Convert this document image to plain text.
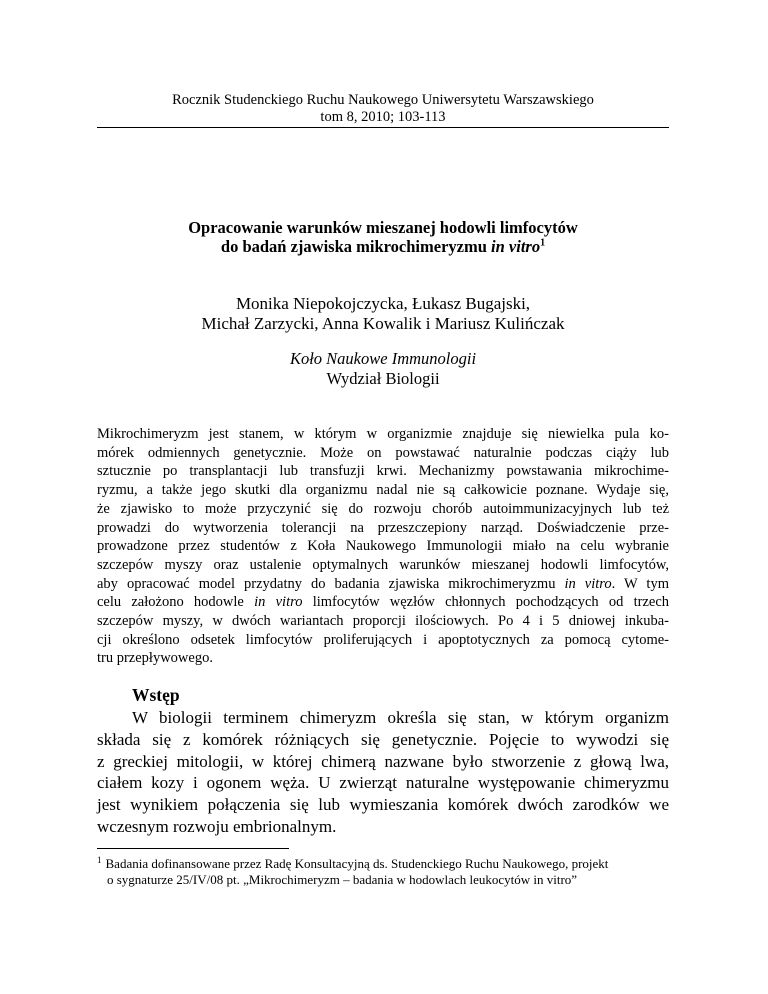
Rocznik Studenckiego Ruchu Naukowego Uniwersytetu Warszawskiego
tom 8, 2010; 103-113
Opracowanie warunków mieszanej hodowli limfocytów
do badań zjawiska mikrochimeryzmu in vitro$^1$
Monika Niepokojczycka, Łukasz Bugajski,
Michał Zarzycki, Anna Kowalik i Mariusz Kulińczak
Koło Naukowe Immunologii
Wydział Biologii
Mikrochimeryzm jest stanem, w którym w organizmie znajduje się niewielka pula ko-
mórek odmiennych genetycznie. Może on powstawać naturalnie podczas ciąży lub
sztucznie po transplantacji lub transfuzji krwi. Mechanizmy powstawania mikrochime-
ryzmu, a także jego skutki dla organizmu nadal nie są całkowicie poznane. Wydaje się,
że zjawisko to może przyczynić się do rozwoju chorób autoimmunizacyjnych lub też
prowadzi do wytworzenia tolerancji na przeszczepiony narząd. Doświadczenie prze-
prowadzone przez studentów z Koła Naukowego Immunologii miało na celu wybranie
szczepów myszy oraz ustalenie optymalnych warunków mieszanej hodowli limfocytów,
aby opracować model przydatny do badania zjawiska mikrochimeryzmu in vitro. W tym
celu założono hodowle in vitro limfocytów węzłów chłonnych pochodzących od trzech
szczepów myszy, w dwóch wariantach proporcji ilościowych. Po 4 i 5 dniowej inkuba-
cji określono odsetek limfocytów proliferujących i apoptotycznych za pomocą cytome-
tru przepływowego.
Wstęp
W biologii terminem chimeryzm określa się stan, w którym organizm
składa się z komórek różniących się genetycznie. Pojęcie to wywodzi się
z greckiej mitologii, w której chimerą nazwane było stworzenie z głową lwa,
ciałem kozy i ogonem węża. U zwierząt naturalne występowanie chimeryzmu
jest wynikiem połączenia się lub wymieszania komórek dwóch zarodków we
wczesnym rozwoju embrionalnym.
$^1$ Badania dofinansowane przez Radę Konsultacyjną ds. Studenckiego Ruchu Naukowego, projekt
o sygnaturze 25/IV/08 pt. „Mikrochimeryzm – badania w hodowlach leukocytów in vitro”
